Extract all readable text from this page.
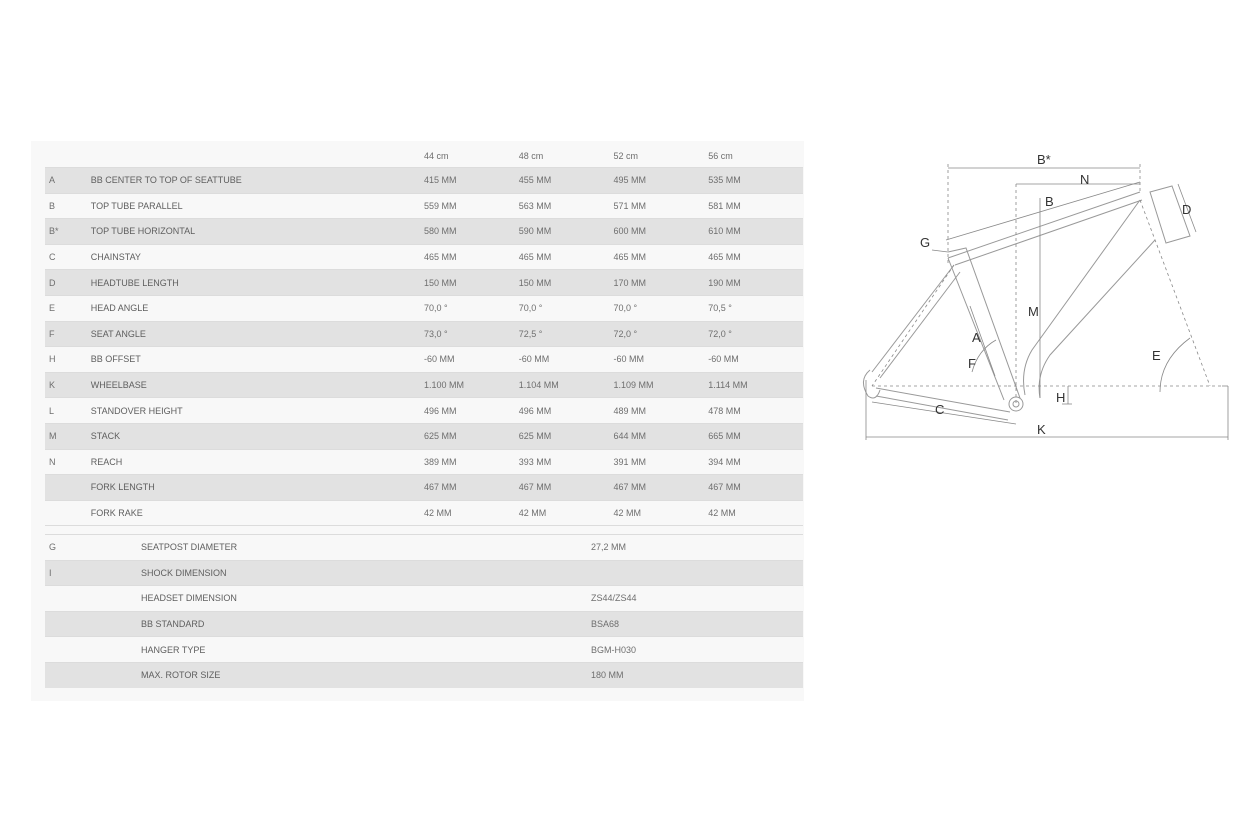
		44 cm	48 cm	52 cm	56 cm
A	BB CENTER TO TOP OF SEATTUBE	415 MM	455 MM	495 MM	535 MM
B	TOP TUBE PARALLEL	559 MM	563 MM	571 MM	581 MM
B*	TOP TUBE HORIZONTAL	580 MM	590 MM	600 MM	610 MM
C	CHAINSTAY	465 MM	465 MM	465 MM	465 MM
D	HEADTUBE LENGTH	150 MM	150 MM	170 MM	190 MM
E	HEAD ANGLE	70,0 °	70,0 °	70,0 °	70,5 °
F	SEAT ANGLE	73,0 °	72,5 °	72,0 °	72,0 °
H	BB OFFSET	-60 MM	-60 MM	-60 MM	-60 MM
K	WHEELBASE	1.100 MM	1.104 MM	1.109 MM	1.114 MM
L	STANDOVER HEIGHT	496 MM	496 MM	489 MM	478 MM
M	STACK	625 MM	625 MM	644 MM	665 MM
N	REACH	389 MM	393 MM	391 MM	394 MM
	FORK LENGTH	467 MM	467 MM	467 MM	467 MM
	FORK RAKE	42 MM	42 MM	42 MM	42 MM
G	SEATPOST DIAMETER	27,2 MM
I	SHOCK DIMENSION	
	HEADSET DIMENSION	ZS44/ZS44
	BB STANDARD	BSA68
	HANGER TYPE	BGM-H030
	MAX. ROTOR SIZE	180 MM
B*
N
B
D
G
M
A
F
E
H
C
K
